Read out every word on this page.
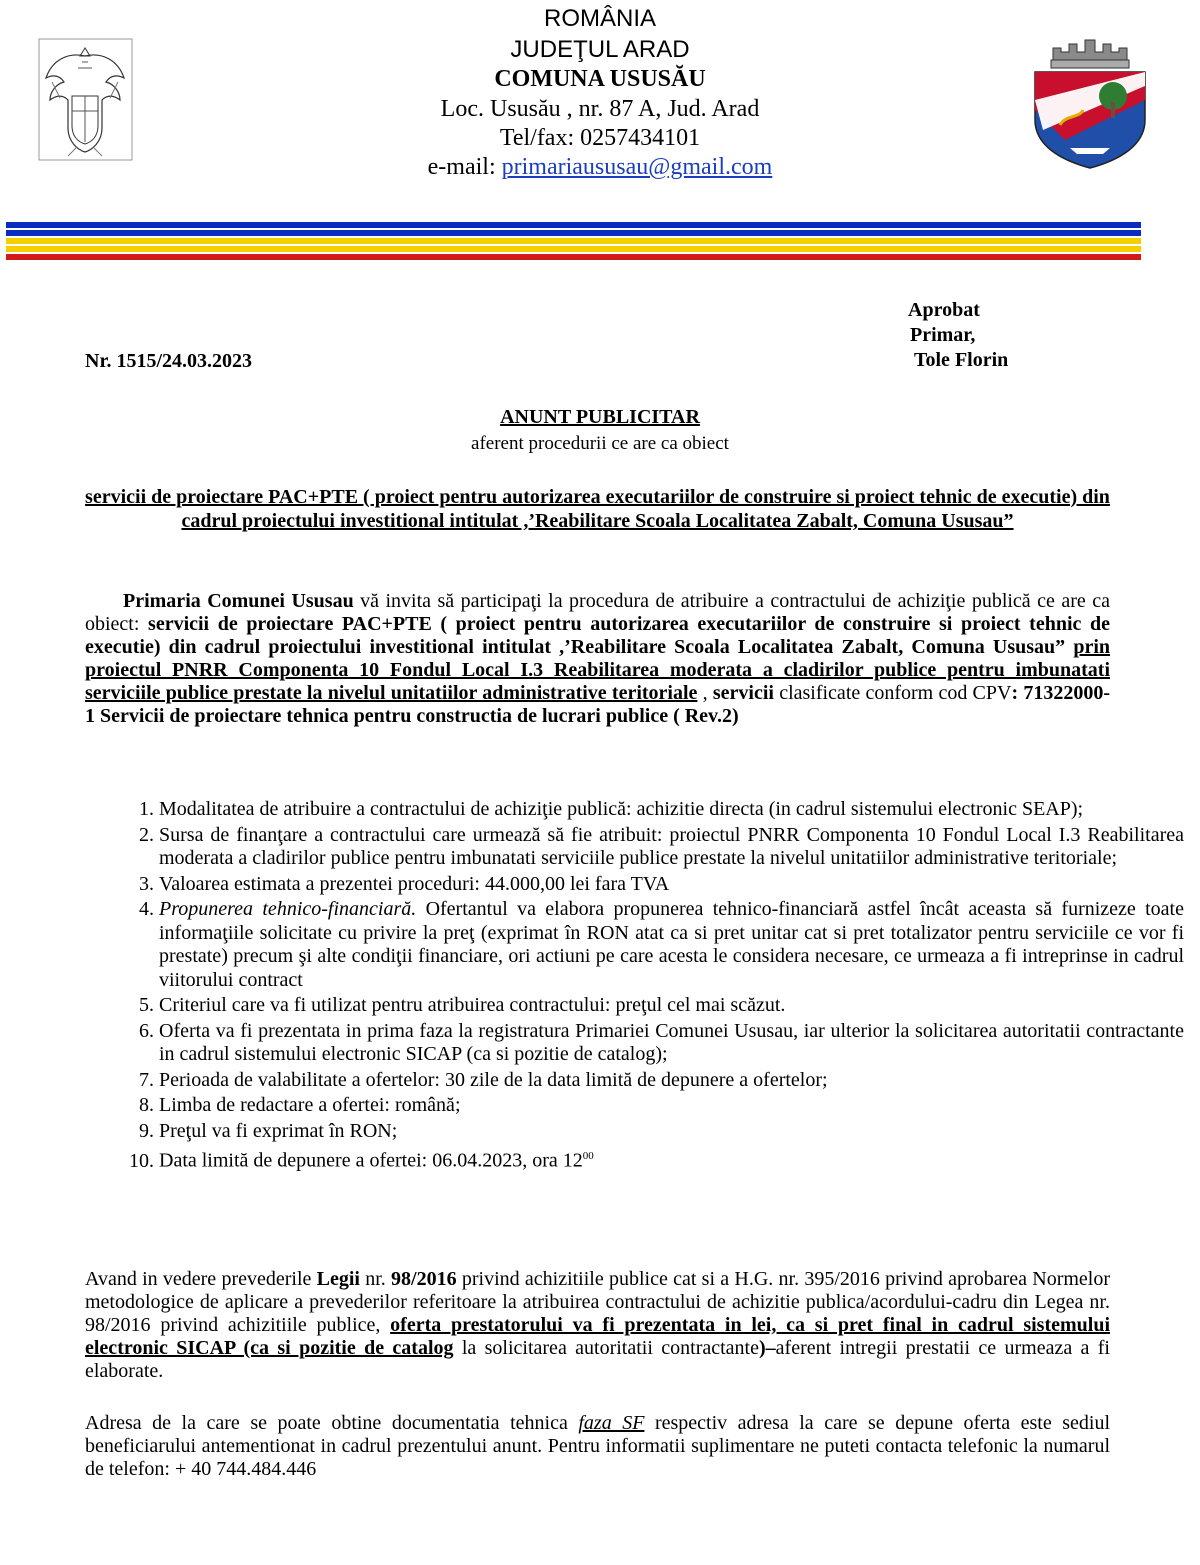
ROMÂNIA
JUDEŢUL ARAD
COMUNA USUSĂU
Loc. Ususău , nr. 87 A, Jud. Arad
Tel/fax: 0257434101
e-mail: primariaususau@gmail.com
Aprobat
Primar,
Tole Florin
Nr. 1515/24.03.2023
ANUNT PUBLICITAR
aferent procedurii ce are ca obiect
servicii de proiectare PAC+PTE ( proiect pentru autorizarea executariilor de construire si proiect tehnic de executie) din cadrul proiectului investitional intitulat ,’Reabilitare Scoala Localitatea Zabalt, Comuna Ususau”
Primaria Comunei Ususau vă invita să participaţi la procedura de atribuire a contractului de achiziţie publică ce are ca obiect: servicii de proiectare PAC+PTE ( proiect pentru autorizarea executariilor de construire si proiect tehnic de executie) din cadrul proiectului investitional intitulat ,’Reabilitare Scoala Localitatea Zabalt, Comuna Ususau” prin proiectul PNRR Componenta 10 Fondul Local I.3 Reabilitarea moderata a cladirilor publice pentru imbunatati serviciile publice prestate la nivelul unitatiilor administrative teritoriale , servicii clasificate conform cod CPV: 71322000-1 Servicii de proiectare tehnica pentru constructia de lucrari publice ( Rev.2)
1. Modalitatea de atribuire a contractului de achiziţie publică: achizitie directa (in cadrul sistemului electronic SEAP);
2. Sursa de finanţare a contractului care urmează să fie atribuit: proiectul PNRR Componenta 10 Fondul Local I.3 Reabilitarea moderata a cladirilor publice pentru imbunatati serviciile publice prestate la nivelul unitatiilor administrative teritoriale;
3. Valoarea estimata a prezentei proceduri: 44.000,00 lei fara TVA
4. Propunerea tehnico-financiară. Ofertantul va elabora propunerea tehnico-financiară astfel încât aceasta să furnizeze toate informaţiile solicitate cu privire la preţ (exprimat în RON atat ca si pret unitar cat si pret totalizator pentru serviciile ce vor fi prestate) precum şi alte condiţii financiare, ori actiuni pe care acesta le considera necesare, ce urmeaza a fi intreprinse in cadrul viitorului contract
5. Criteriul care va fi utilizat pentru atribuirea contractului: preţul cel mai scăzut.
6. Oferta va fi prezentata in prima faza la registratura Primariei Comunei Ususau, iar ulterior la solicitarea autoritatii contractante in cadrul sistemului electronic SICAP (ca si pozitie de catalog);
7. Perioada de valabilitate a ofertelor: 30 zile de la data limită de depunere a ofertelor;
8. Limba de redactare a ofertei: română;
9. Preţul va fi exprimat în RON;
10. Data limită de depunere a ofertei: 06.04.2023, ora $12^{00}$
Avand in vedere prevederile Legii nr. 98/2016 privind achizitiile publice cat si a H.G. nr. 395/2016 privind aprobarea Normelor metodologice de aplicare a prevederilor referitoare la atribuirea contractului de achizitie publica/acordului-cadru din Legea nr. 98/2016 privind achizitiile publice, oferta prestatorului va fi prezentata in lei, ca si pret final in cadrul sistemului electronic SICAP (ca si pozitie de catalog la solicitarea autoritatii contractante)–aferent intregii prestatii ce urmeaza a fi elaborate.
Adresa de la care se poate obtine documentatia tehnica faza SF respectiv adresa la care se depune oferta este sediul beneficiarului antementionat in cadrul prezentului anunt. Pentru informatii suplimentare ne puteti contacta telefonic la numarul de telefon: + 40 744.484.446
